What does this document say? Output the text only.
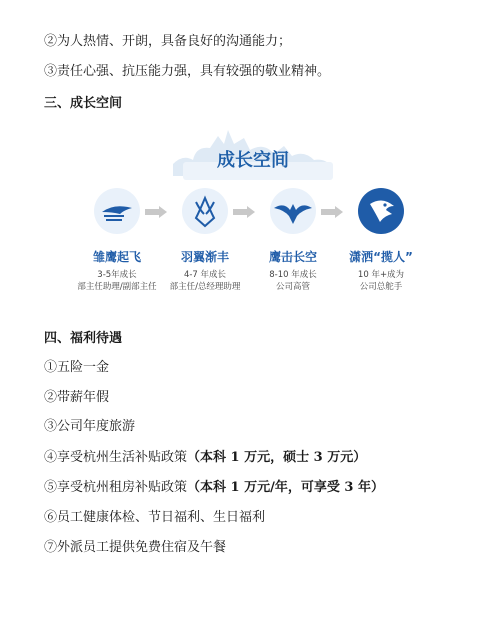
②为人热情、开朗，具备良好的沟通能力；
③责任心强、抗压能力强，具有较强的敬业精神。
三、成长空间
成长空间
雏鹰起飞
3-5年成长
部主任助理/副部主任
羽翼渐丰
4-7 年成长
部主任/总经理助理
鹰击长空
8-10 年成长
公司高管
潇洒“揽人”
10 年+成为
公司总舵手
四、福利待遇
①五险一金
②带薪年假
③公司年度旅游
④享受杭州生活补贴政策（本科 1 万元，硕士 3 万元）
⑤享受杭州租房补贴政策（本科 1 万元/年，可享受 3 年）
⑥员工健康体检、节日福利、生日福利
⑦外派员工提供免费住宿及午餐
